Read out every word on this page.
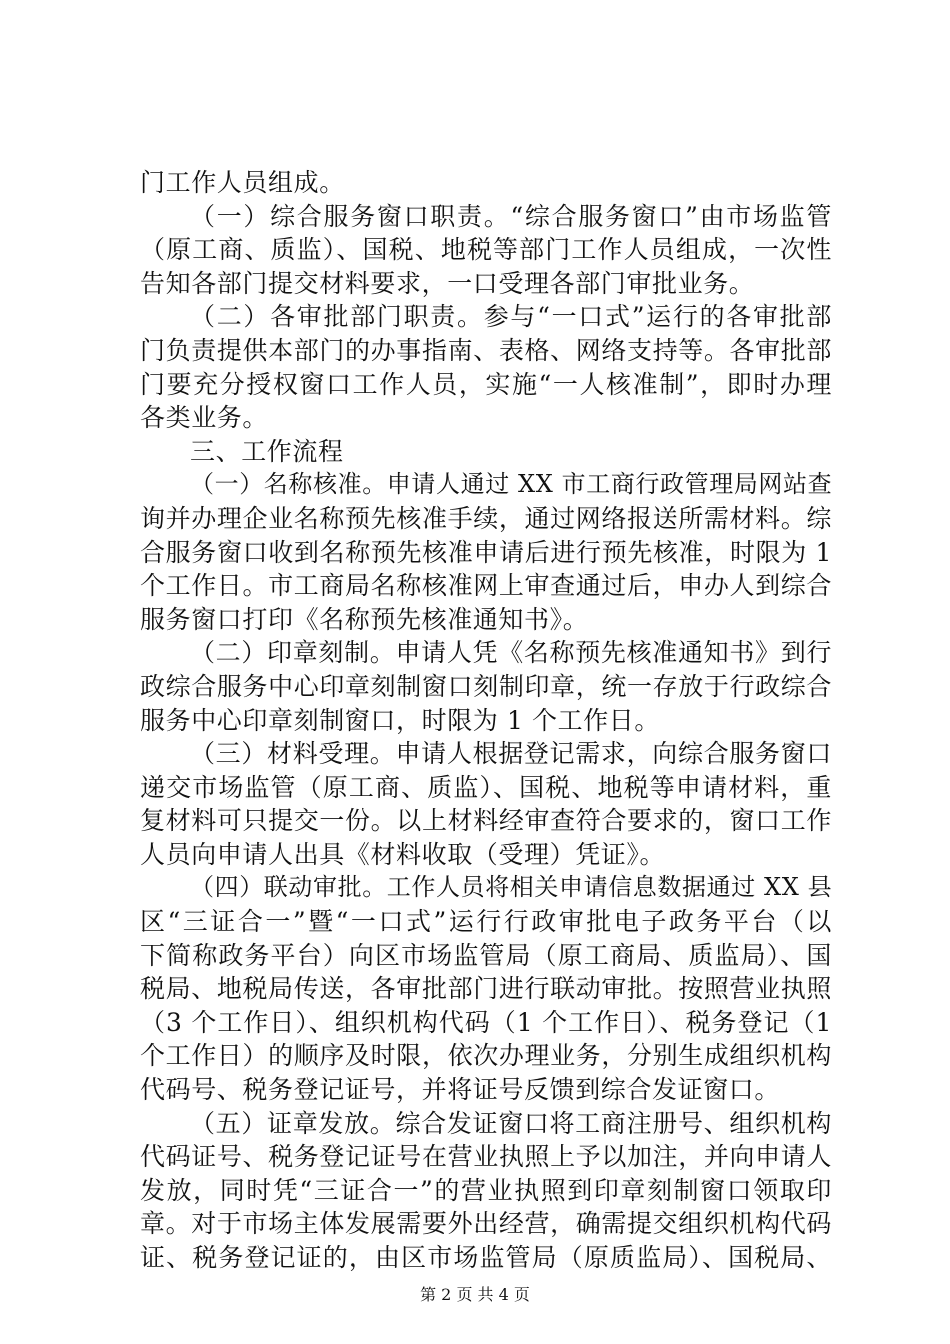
门工作人员组成。
（一）综合服务窗口职责。“综合服务窗口”由市场监管
（原工商、质监）、国税、地税等部门工作人员组成，一次性
告知各部门提交材料要求，一口受理各部门审批业务。
（二）各审批部门职责。参与“一口式”运行的各审批部
门负责提供本部门的办事指南、表格、网络支持等。各审批部
门要充分授权窗口工作人员，实施“一人核准制”，即时办理
各类业务。
三、工作流程
（一）名称核准。申请人通过 XX 市工商行政管理局网站查
询并办理企业名称预先核准手续，通过网络报送所需材料。综
合服务窗口收到名称预先核准申请后进行预先核准，时限为 1
个工作日。市工商局名称核准网上审查通过后，申办人到综合
服务窗口打印《名称预先核准通知书》。
（二）印章刻制。申请人凭《名称预先核准通知书》到行
政综合服务中心印章刻制窗口刻制印章，统一存放于行政综合
服务中心印章刻制窗口，时限为 1 个工作日。
（三）材料受理。申请人根据登记需求，向综合服务窗口
递交市场监管（原工商、质监）、国税、地税等申请材料，重
复材料可只提交一份。以上材料经审查符合要求的，窗口工作
人员向申请人出具《材料收取（受理）凭证》。
（四）联动审批。工作人员将相关申请信息数据通过 XX 县
区“三证合一”暨“一口式”运行行政审批电子政务平台（以
下简称政务平台）向区市场监管局（原工商局、质监局）、国
税局、地税局传送，各审批部门进行联动审批。按照营业执照
（3 个工作日）、组织机构代码（1 个工作日）、税务登记（1
个工作日）的顺序及时限，依次办理业务，分别生成组织机构
代码号、税务登记证号，并将证号反馈到综合发证窗口。
（五）证章发放。综合发证窗口将工商注册号、组织机构
代码证号、税务登记证号在营业执照上予以加注，并向申请人
发放，同时凭“三证合一”的营业执照到印章刻制窗口领取印
章。对于市场主体发展需要外出经营，确需提交组织机构代码
证、税务登记证的，由区市场监管局（原质监局）、国税局、
第 2 页 共 4 页
